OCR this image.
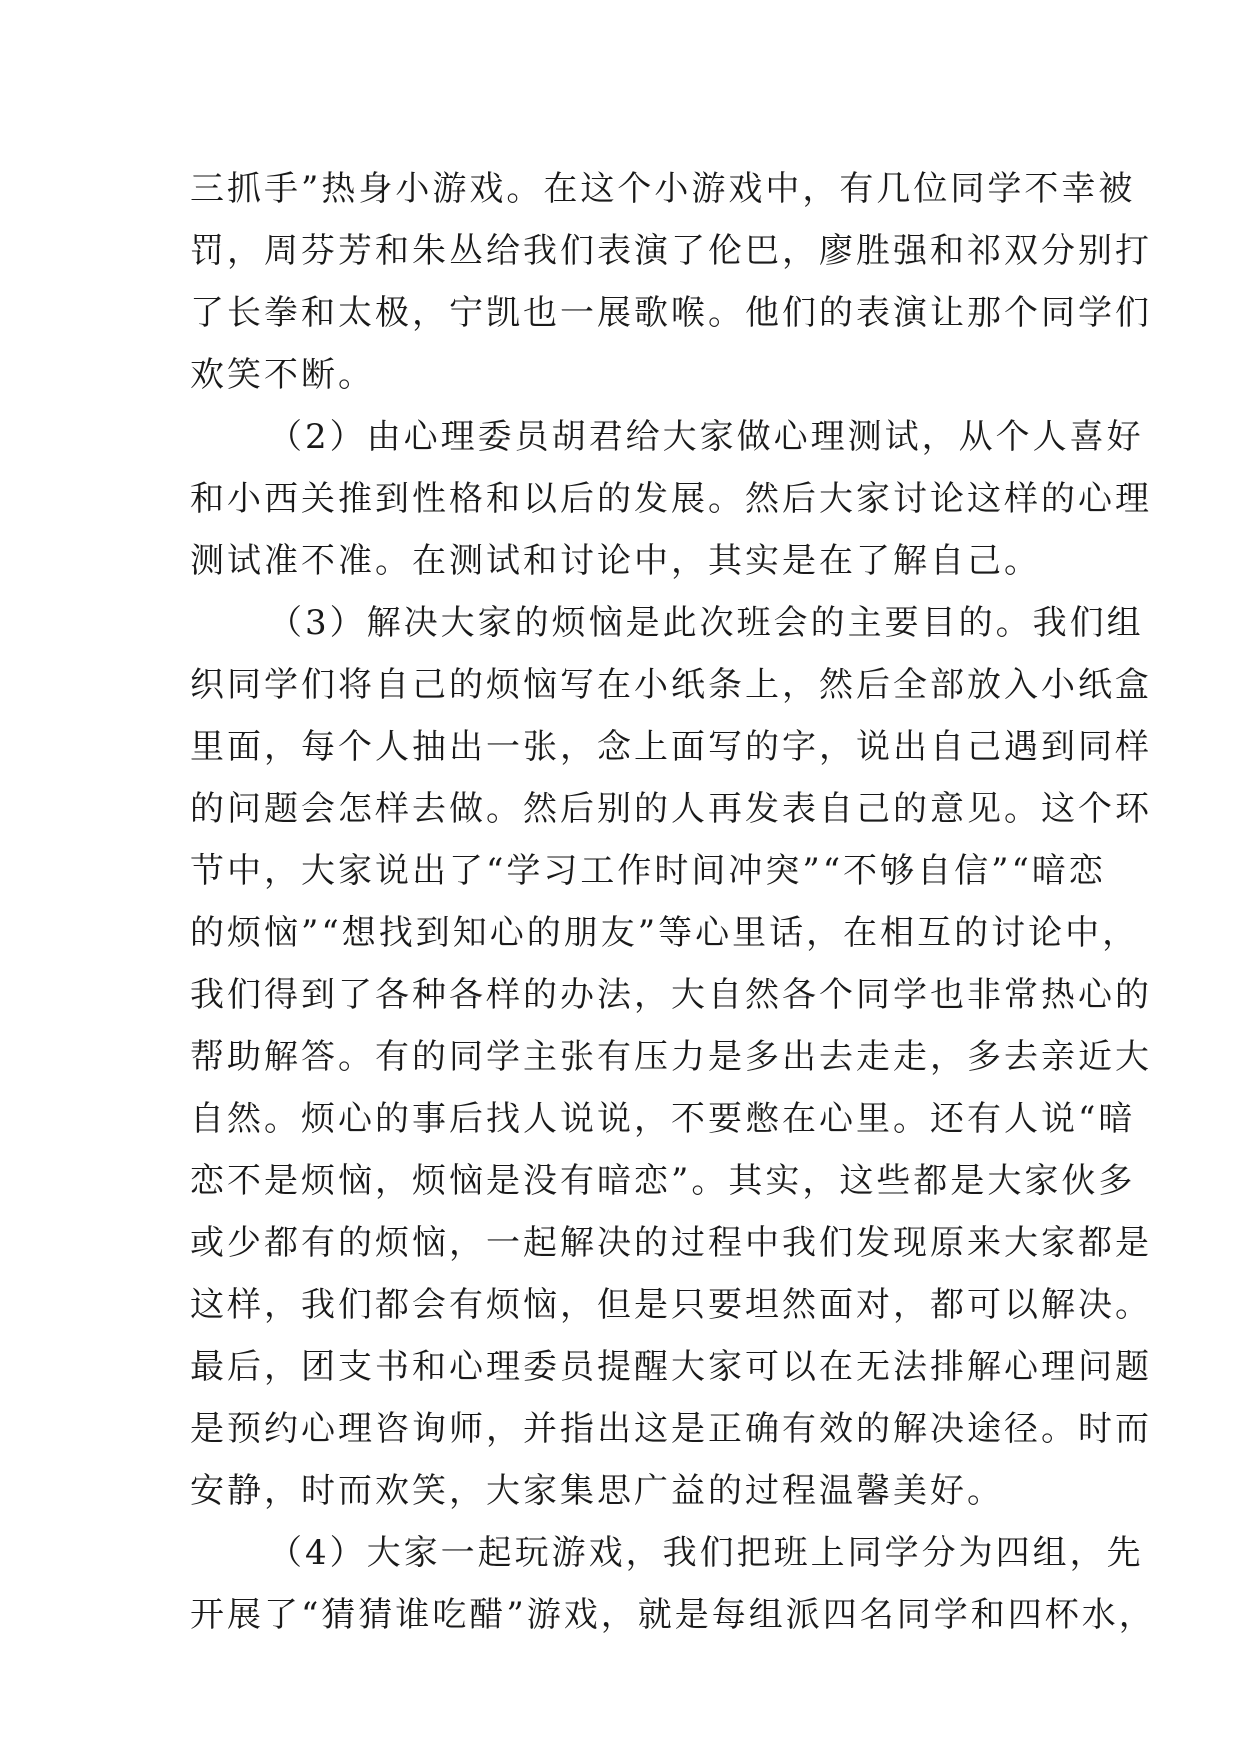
三抓手”热身小游戏。在这个小游戏中，有几位同学不幸被
罚，周芬芳和朱丛给我们表演了伦巴，廖胜强和祁双分别打
了长拳和太极，宁凯也一展歌喉。他们的表演让那个同学们
欢笑不断。
（2）由心理委员胡君给大家做心理测试，从个人喜好
和小西关推到性格和以后的发展。然后大家讨论这样的心理
测试准不准。在测试和讨论中，其实是在了解自己。
（3）解决大家的烦恼是此次班会的主要目的。我们组
织同学们将自己的烦恼写在小纸条上，然后全部放入小纸盒
里面，每个人抽出一张，念上面写的字，说出自己遇到同样
的问题会怎样去做。然后别的人再发表自己的意见。这个环
节中，大家说出了“学习工作时间冲突”“不够自信”“暗恋
的烦恼”“想找到知心的朋友”等心里话，在相互的讨论中，
我们得到了各种各样的办法，大自然各个同学也非常热心的
帮助解答。有的同学主张有压力是多出去走走，多去亲近大
自然。烦心的事后找人说说，不要憋在心里。还有人说“暗
恋不是烦恼，烦恼是没有暗恋”。其实，这些都是大家伙多
或少都有的烦恼，一起解决的过程中我们发现原来大家都是
这样，我们都会有烦恼，但是只要坦然面对，都可以解决。
最后，团支书和心理委员提醒大家可以在无法排解心理问题
是预约心理咨询师，并指出这是正确有效的解决途径。时而
安静，时而欢笑，大家集思广益的过程温馨美好。
（4）大家一起玩游戏，我们把班上同学分为四组，先
开展了“猜猜谁吃醋”游戏，就是每组派四名同学和四杯水，
